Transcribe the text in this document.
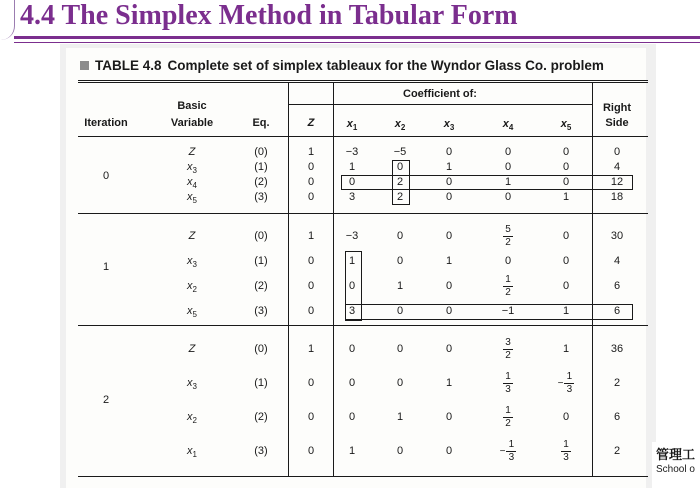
4.4 The Simplex Method in Tabular Form
TABLE 4.8 Complete set of simplex tableaux for the Wyndor Glass Co. problem
Iteration
Basic
Variable	Eq.
Coefficient of:
Right
Side
Z	$x_1$	$x_2$	$x_3$	$x_4$	$x_5$
0
Z	(0)	1	−3	−5	0	0	0	0
$x_3$	(1)	0	1	0	1	0	0	4
$x_4$	(2)	0	0	2	0	1	0	12
$x_5$	(3)	0	3	2	0	0	1	18
1
Z	(0)	1	−3	0	0	$\frac{5}{2}$	0	30
$x_3$	(1)	0	1	0	1	0	0	4
$x_2$	(2)	0	0	1	0	$\frac{1}{2}$	0	6
$x_5$	(3)	0	3	0	0	−1	1	6
2
Z	(0)	1	0	0	0	$\frac{3}{2}$	1	36
$x_3$	(1)	0	0	0	1	$\frac{1}{3}$	− $\frac{1}{3}$	2
$x_2$	(2)	0	0	1	0	$\frac{1}{2}$	0	6
$x_1$	(3)	0	1	0	0	− $\frac{1}{3}$	$\frac{1}{3}$	2	管理工
School o
